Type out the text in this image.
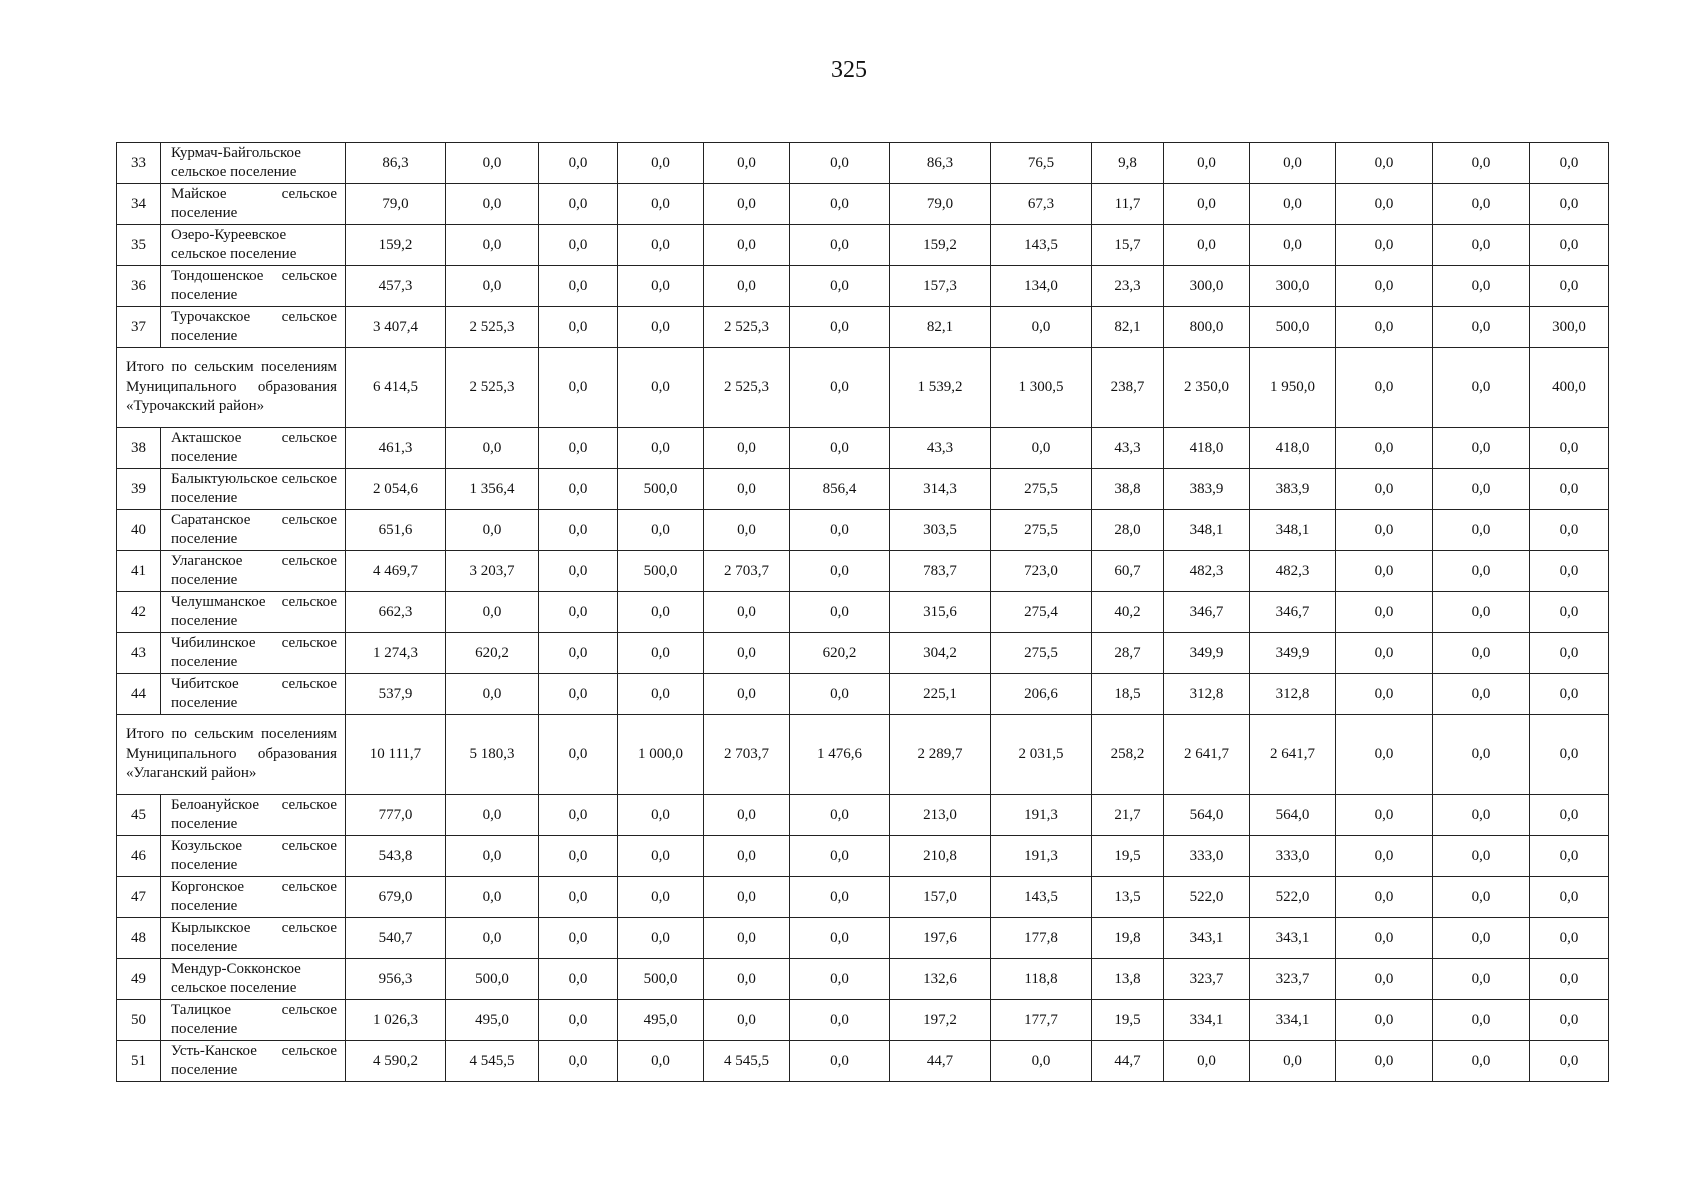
325
33	Курмач-Байгольское сельское поселение	86,3	0,0	0,0	0,0	0,0	0,0	86,3	76,5	9,8	0,0	0,0	0,0	0,0	0,0
34	Майское сельское поселение	79,0	0,0	0,0	0,0	0,0	0,0	79,0	67,3	11,7	0,0	0,0	0,0	0,0	0,0
35	Озеро-Куреевское сельское поселение	159,2	0,0	0,0	0,0	0,0	0,0	159,2	143,5	15,7	0,0	0,0	0,0	0,0	0,0
36	Тондошенское сельское поселение	457,3	0,0	0,0	0,0	0,0	0,0	157,3	134,0	23,3	300,0	300,0	0,0	0,0	0,0
37	Турочакское сельское поселение	3 407,4	2 525,3	0,0	0,0	2 525,3	0,0	82,1	0,0	82,1	800,0	500,0	0,0	0,0	300,0
Итого по сельским поселениям Муниципального образования «Турочакский район»		6 414,5	2 525,3	0,0	0,0	2 525,3	0,0	1 539,2	1 300,5	238,7	2 350,0	1 950,0	0,0	0,0	400,0
38	Акташское сельское поселение	461,3	0,0	0,0	0,0	0,0	0,0	43,3	0,0	43,3	418,0	418,0	0,0	0,0	0,0
39	Балыктуюльское сельское поселение	2 054,6	1 356,4	0,0	500,0	0,0	856,4	314,3	275,5	38,8	383,9	383,9	0,0	0,0	0,0
40	Саратанское сельское поселение	651,6	0,0	0,0	0,0	0,0	0,0	303,5	275,5	28,0	348,1	348,1	0,0	0,0	0,0
41	Улаганское сельское поселение	4 469,7	3 203,7	0,0	500,0	2 703,7	0,0	783,7	723,0	60,7	482,3	482,3	0,0	0,0	0,0
42	Челушманское сельское поселение	662,3	0,0	0,0	0,0	0,0	0,0	315,6	275,4	40,2	346,7	346,7	0,0	0,0	0,0
43	Чибилинское сельское поселение	1 274,3	620,2	0,0	0,0	0,0	620,2	304,2	275,5	28,7	349,9	349,9	0,0	0,0	0,0
44	Чибитское сельское поселение	537,9	0,0	0,0	0,0	0,0	0,0	225,1	206,6	18,5	312,8	312,8	0,0	0,0	0,0
Итого по сельским поселениям Муниципального образования «Улаганский район»		10 111,7	5 180,3	0,0	1 000,0	2 703,7	1 476,6	2 289,7	2 031,5	258,2	2 641,7	2 641,7	0,0	0,0	0,0
45	Белоануйское сельское поселение	777,0	0,0	0,0	0,0	0,0	0,0	213,0	191,3	21,7	564,0	564,0	0,0	0,0	0,0
46	Козульское сельское поселение	543,8	0,0	0,0	0,0	0,0	0,0	210,8	191,3	19,5	333,0	333,0	0,0	0,0	0,0
47	Коргонское сельское поселение	679,0	0,0	0,0	0,0	0,0	0,0	157,0	143,5	13,5	522,0	522,0	0,0	0,0	0,0
48	Кырлыкское сельское поселение	540,7	0,0	0,0	0,0	0,0	0,0	197,6	177,8	19,8	343,1	343,1	0,0	0,0	0,0
49	Мендур-Сокконское сельское поселение	956,3	500,0	0,0	500,0	0,0	0,0	132,6	118,8	13,8	323,7	323,7	0,0	0,0	0,0
50	Талицкое сельское поселение	1 026,3	495,0	0,0	495,0	0,0	0,0	197,2	177,7	19,5	334,1	334,1	0,0	0,0	0,0
51	Усть-Канское сельское поселение	4 590,2	4 545,5	0,0	0,0	4 545,5	0,0	44,7	0,0	44,7	0,0	0,0	0,0	0,0	0,0
